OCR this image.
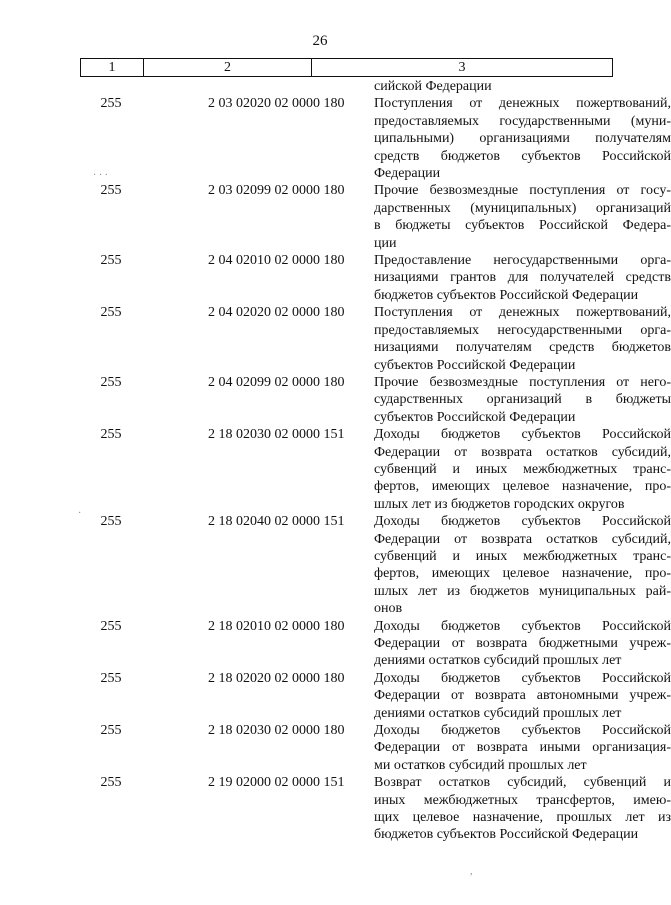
26
1	2	3
сийской Федерации
255	2 03 02020 02 0000 180	Поступления от денежных пожертвований,
предоставляемых государственными (муни-
ципальными) организациями получателям
средств бюджетов субъектов Российской
Федерации
255	2 03 02099 02 0000 180	Прочие безвозмездные поступления от госу-
дарственных (муниципальных) организаций
в бюджеты субъектов Российской Федера-
ции
255	2 04 02010 02 0000 180	Предоставление негосударственными орга-
низациями грантов для получателей средств
бюджетов субъектов Российской Федерации
255	2 04 02020 02 0000 180	Поступления от денежных пожертвований,
предоставляемых негосударственными орга-
низациями получателям средств бюджетов
субъектов Российской Федерации
255	2 04 02099 02 0000 180	Прочие безвозмездные поступления от него-
сударственных организаций в бюджеты
субъектов Российской Федерации
255	2 18 02030 02 0000 151	Доходы бюджетов субъектов Российской
Федерации от возврата остатков субсидий,
субвенций и иных межбюджетных транс-
фертов, имеющих целевое назначение, про-
шлых лет из бюджетов городских округов
255	2 18 02040 02 0000 151	Доходы бюджетов субъектов Российской
Федерации от возврата остатков субсидий,
субвенций и иных межбюджетных транс-
фертов, имеющих целевое назначение, про-
шлых лет из бюджетов муниципальных рай-
онов
255	2 18 02010 02 0000 180	Доходы бюджетов субъектов Российской
Федерации от возврата бюджетными учреж-
дениями остатков субсидий прошлых лет
255	2 18 02020 02 0000 180	Доходы бюджетов субъектов Российской
Федерации от возврата автономными учреж-
дениями остатков субсидий прошлых лет
255	2 18 02030 02 0000 180	Доходы бюджетов субъектов Российской
Федерации от возврата иными организация-
ми остатков субсидий прошлых лет
255	2 19 02000 02 0000 151	Возврат остатков субсидий, субвенций и
иных межбюджетных трансфертов, имею-
щих целевое назначение, прошлых лет из
бюджетов субъектов Российской Федерации
· · ·
·
,
